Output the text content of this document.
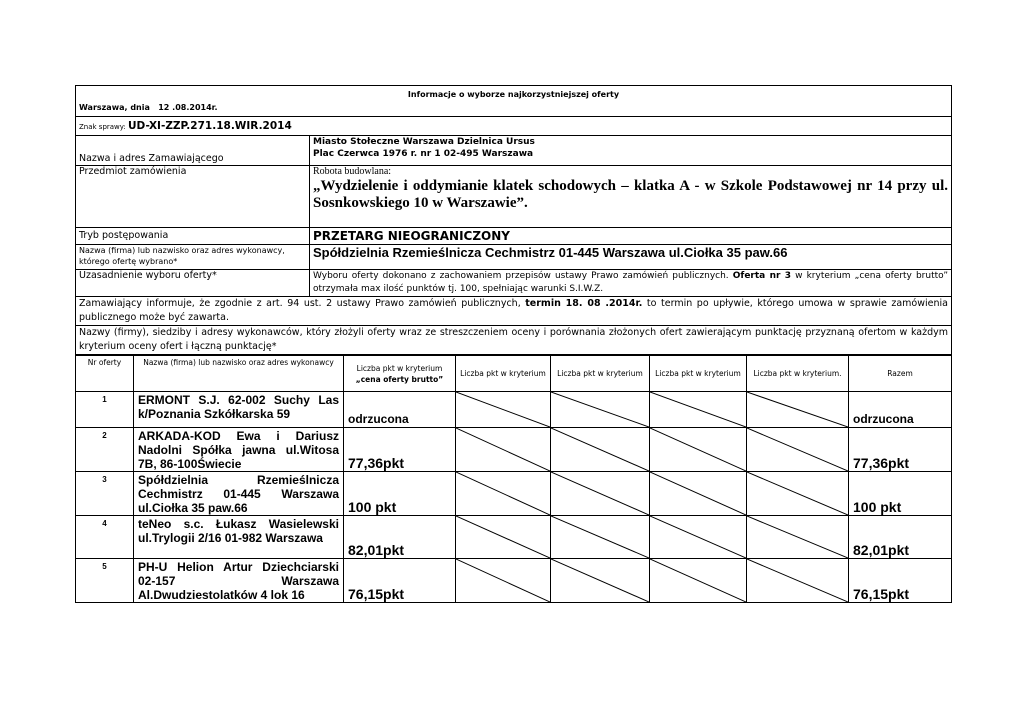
Informacje o wyborze najkorzystniejszej oferty
Warszawa, dnia 12 .08.2014r.	

Znak sprawy: UD-XI-ZZP.271.18.WIR.2014	
Nazwa i adres Zamawiającego	Miasto Stołeczne Warszawa Dzielnica Ursus
Plac Czerwca 1976 r. nr 1 02-495 Warszawa

Przedmiot zamówienia	Robota budowlana:
„Wydzielenie i oddymianie klatek schodowych – klatka A - w Szkole Podstawowej nr 14 przy ul. Sosnkowskiego 10 w Warszawie”.

Tryb postępowania	PRZETARG NIEOGRANICZONY
Nazwa (firma) lub nazwisko oraz adres wykonawcy, którego ofertę wybrano*	Spółdzielnia Rzemieślnicza Cechmistrz 01-445 Warszawa ul.Ciołka 35 paw.66
Uzasadnienie wyboru oferty*	Wyboru oferty dokonano z zachowaniem przepisów ustawy Prawo zamówień publicznych. Oferta nr 3 w kryterium „cena oferty brutto” otrzymała max ilość punktów tj. 100, spełniając warunki S.I.W.Z.
Zamawiający informuje, że zgodnie z art. 94 ust. 2 ustawy Prawo zamówień publicznych, termin 18. 08 .2014r. to termin po upływie, którego umowa w sprawie zamówienia publicznego może być zawarta.	
Nazwy (firmy), siedziby i adresy wykonawców, który złożyli oferty wraz ze streszczeniem oceny i porównania złożonych ofert zawierającym punktację przyznaną ofertom w każdym kryterium oceny ofert i łączną punktację*	
Nr oferty	Nazwa (firma) lub nazwisko oraz adres wykonawcy	Liczba pkt w kryterium
„cena oferty brutto”	Liczba pkt w kryterium	Liczba pkt w kryterium	Liczba pkt w kryterium	Liczba pkt w kryterium.	Razem
1	ERMONT S.J. 62-002 Suchy Las k/Poznania Szkółkarska 59	odrzucona					odrzucona
2	ARKADA-KOD Ewa i Dariusz Nadolni Spółka jawna ul.Witosa 7B, 86-100Świecie	77,36pkt					77,36pkt
3	Spółdzielnia Rzemieślnicza Cechmistrz 01-445 Warszawa ul.Ciołka 35 paw.66	100 pkt					100 pkt
4	teNeo s.c. Łukasz Wasielewski ul.Trylogii 2/16 01-982 Warszawa	82,01pkt					82,01pkt
5	PH-U Helion Artur Dziechciarski 02-157 Warszawa Al.Dwudziestolatków 4 lok 16	76,15pkt					76,15pkt
